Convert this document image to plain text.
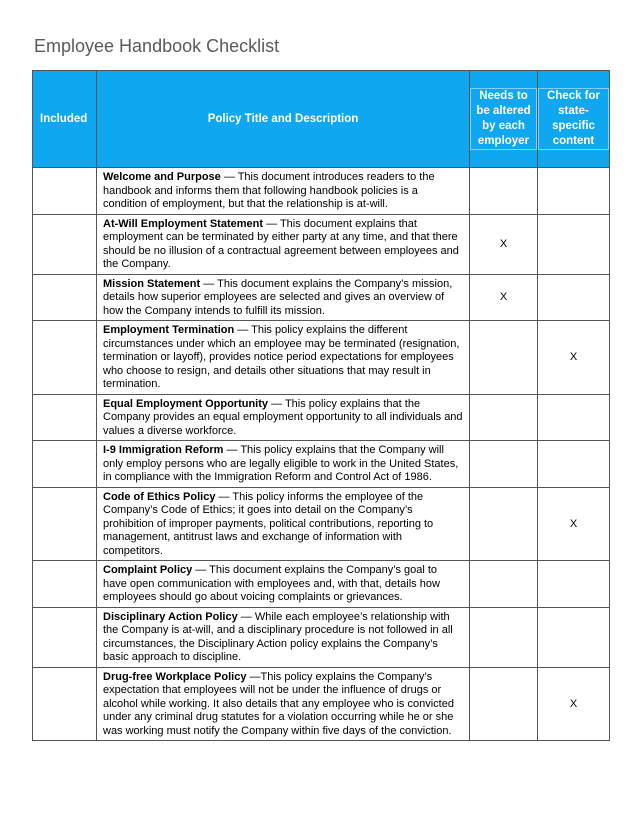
Employee Handbook Checklist
Included	Policy Title and Description	Needs to be altered by each employer	Check for state-specific content
	Welcome and Purpose — This document introduces readers to the handbook and informs them that following handbook policies is a condition of employment, but that the relationship is at-will.		
	At-Will Employment Statement — This document explains that employment can be terminated by either party at any time, and that there should be no illusion of a contractual agreement between employees and the Company.	X	
	Mission Statement — This document explains the Company’s mission, details how superior employees are selected and gives an overview of how the Company intends to fulfill its mission.	X	
	Employment Termination — This policy explains the different circumstances under which an employee may be terminated (resignation, termination or layoff), provides notice period expectations for employees who choose to resign, and details other situations that may result in termination.		X
	Equal Employment Opportunity — This policy explains that the Company provides an equal employment opportunity to all individuals and values a diverse workforce.		
	I-9 Immigration Reform — This policy explains that the Company will only employ persons who are legally eligible to work in the United States, in compliance with the Immigration Reform and Control Act of 1986.		
	Code of Ethics Policy — This policy informs the employee of the Company’s Code of Ethics; it goes into detail on the Company’s prohibition of improper payments, political contributions, reporting to management, antitrust laws and exchange of information with competitors.		X
	Complaint Policy — This document explains the Company’s goal to have open communication with employees and, with that, details how employees should go about voicing complaints or grievances.		
	Disciplinary Action Policy — While each employee’s relationship with the Company is at-will, and a disciplinary procedure is not followed in all circumstances, the Disciplinary Action policy explains the Company’s basic approach to discipline.		
	Drug-free Workplace Policy —This policy explains the Company’s expectation that employees will not be under the influence of drugs or alcohol while working. It also details that any employee who is convicted under any criminal drug statutes for a violation occurring while he or she was working must notify the Company within five days of the conviction.		X
